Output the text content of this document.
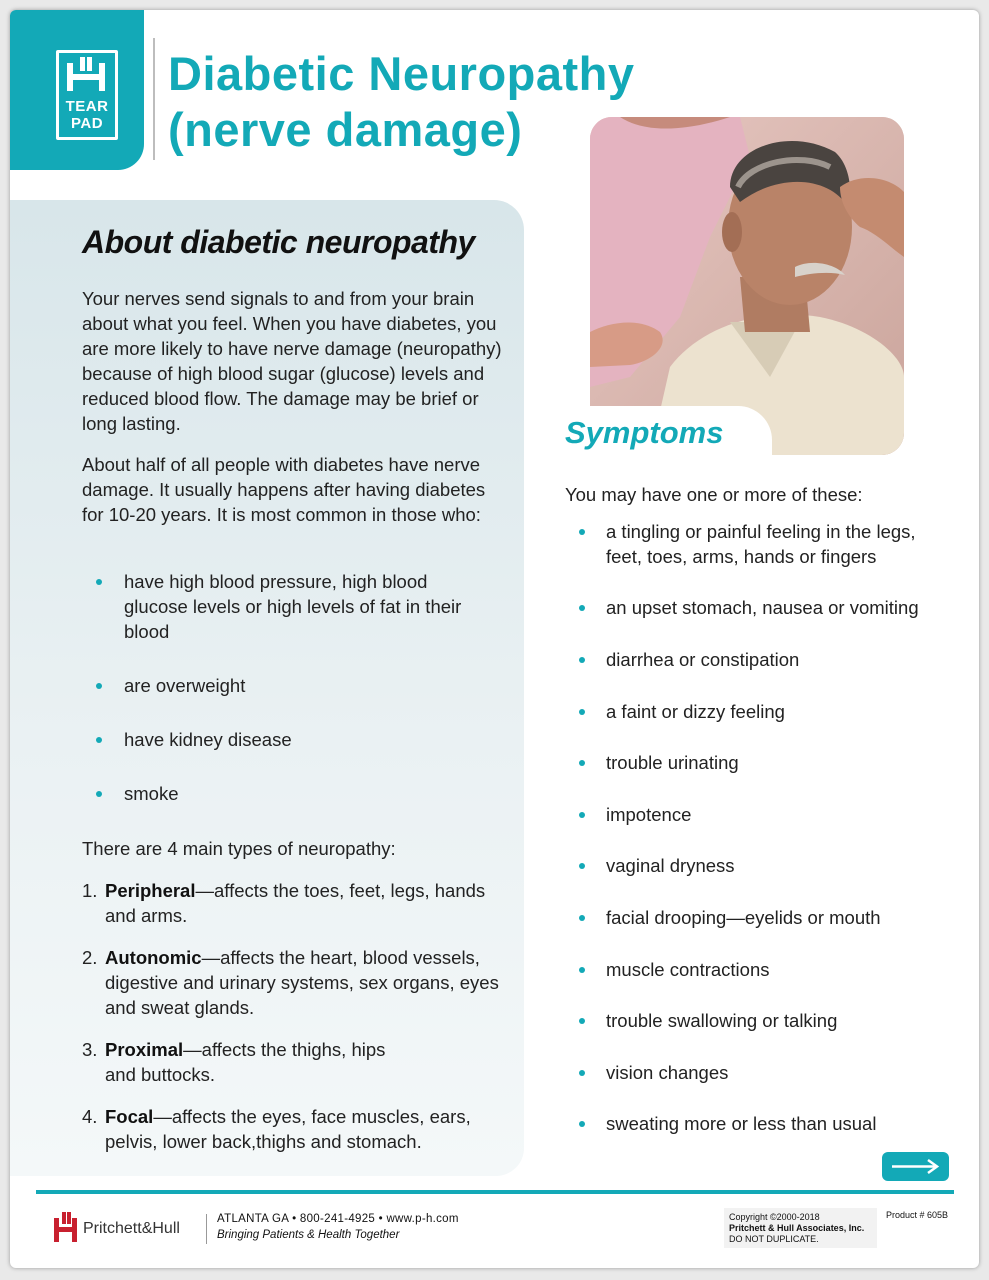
TEAR
PAD
Diabetic Neuropathy
(nerve damage)
About diabetic neuropathy

Your nerves send signals to and from your brain about what you feel. When you have diabetes, you are more likely to have nerve damage (neuropathy) because of high blood sugar (glucose) levels and reduced blood flow. The damage may be brief or long lasting.

About half of all people with diabetes have nerve damage. It usually happens after having diabetes for 10-20 years. It is most common in those who:

have high blood pressure, high blood glucose levels or high levels of fat in their blood
are overweight
have kidney disease
smoke

There are 4 main types of neuropathy:

1. Peripheral—affects the toes, feet, legs, hands and arms.
2. Autonomic—affects the heart, blood vessels, digestive and urinary systems, sex organs, eyes and sweat glands.
3. Proximal—affects the thighs, hips and buttocks.
4. Focal—affects the eyes, face muscles, ears, pelvis, lower back,thighs and stomach.
Symptoms

You may have one or more of these:

a tingling or painful feeling in the legs, feet, toes, arms, hands or fingers
an upset stomach, nausea or vomiting
diarrhea or constipation
a faint or dizzy feeling
trouble urinating
impotence
vaginal dryness
facial drooping—eyelids or mouth
muscle contractions
trouble swallowing or talking
vision changes
sweating more or less than usual
Pritchett&Hull
ATLANTA GA • 800-241-4925 • www.p-h.com
Bringing Patients & Health Together
Copyright ©2000-2018
Pritchett & Hull Associates, Inc.
DO NOT DUPLICATE.
Product # 605B
